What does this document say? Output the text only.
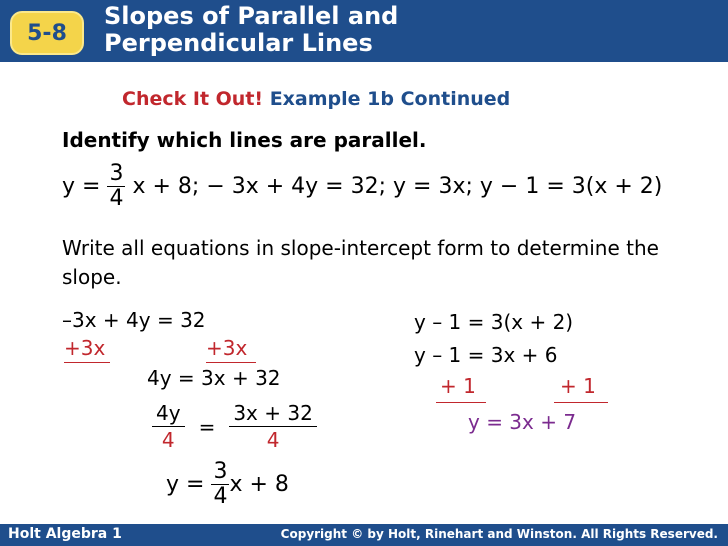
5-8
Slopes of Parallel and
Perpendicular Lines
Check It Out! Example 1b Continued
Identify which lines are parallel.
y =
$\frac{3}{4}$
x + 8;
− 3x + 4y = 32;
y = 3x;
y − 1 = 3(x + 2)
Write all equations in slope-intercept form to determine the slope.
–3x + 4y = 32
+3x	+3x
4y = 3x + 32
$\frac{4y}{4} = \frac{3x + 32}{4}$
y =
$\frac{3}{4}$ x + 8
y – 1 = 3(x + 2)
y – 1 = 3x + 6
+ 1	+ 1
y = 3x + 7
Holt Algebra 1	Copyright © by Holt, Rinehart and Winston. All Rights Reserved.
